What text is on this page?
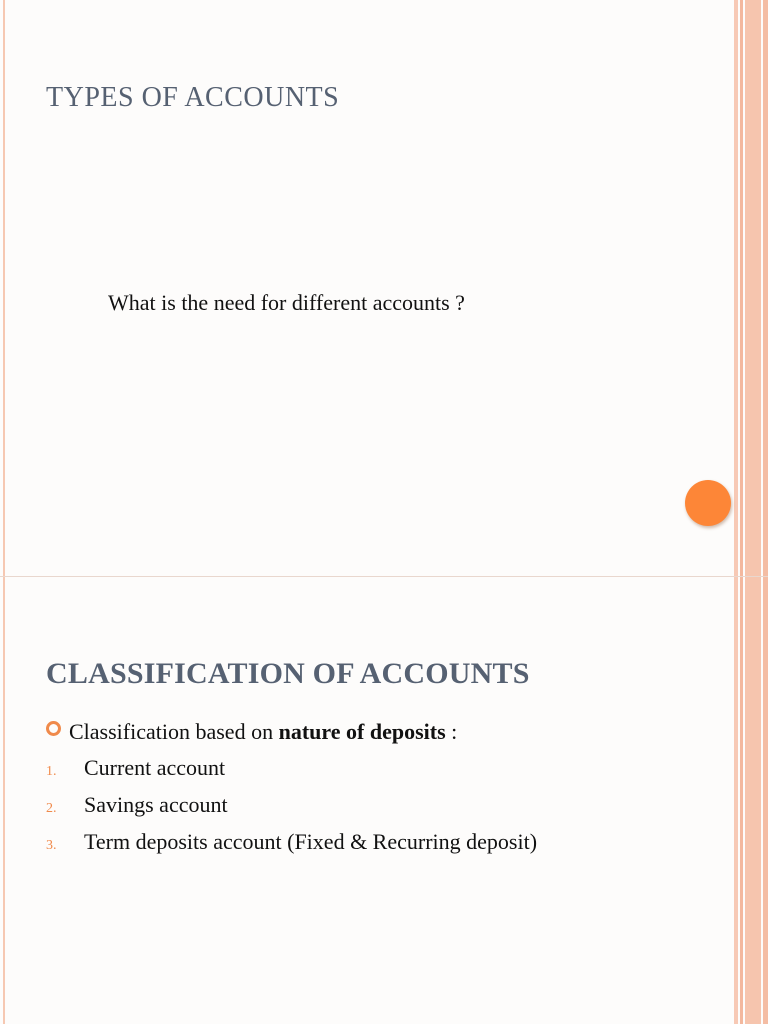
TYPES OF ACCOUNTS

What is the need for different accounts ?

CLASSIFICATION OF ACCOUNTS
Classification based on nature of deposits :
1.	Current account
2.	Savings account
3.	Term deposits account (Fixed & Recurring deposit)
